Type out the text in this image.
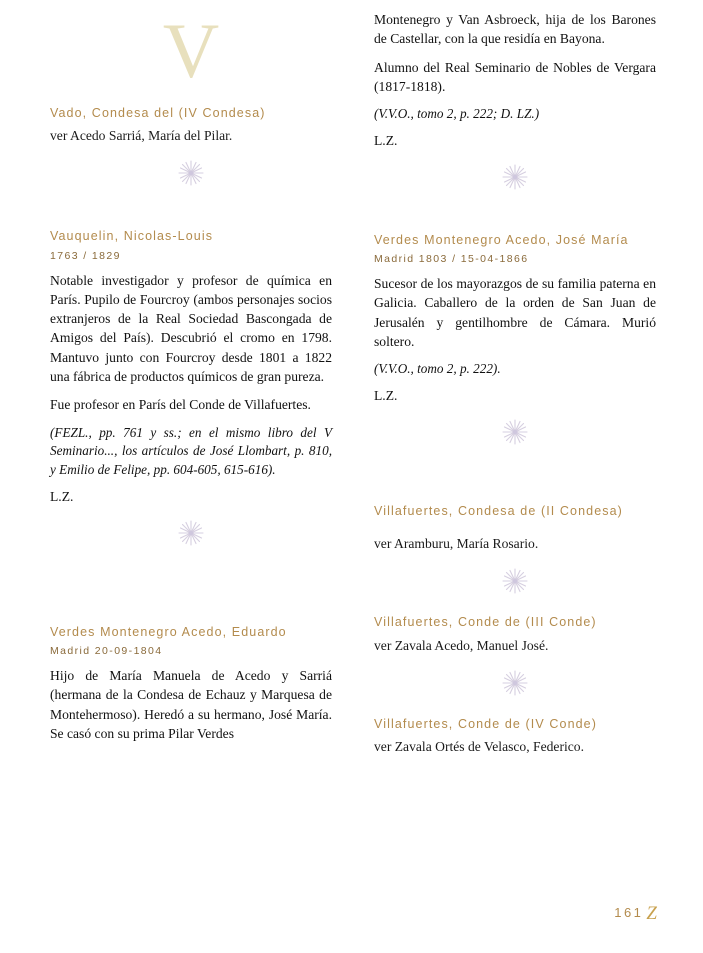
V
Vado, Condesa del (IV Condesa)

ver Acedo Sarriá, María del Pilar.

Vauquelin, Nicolas-Louis
1763 / 1829

Notable investigador y profesor de química en París. Pupilo de Fourcroy (ambos personajes socios extranjeros de la Real Sociedad Bascongada de Amigos del País). Descubrió el cromo en 1798. Mantuvo junto con Fourcroy desde 1801 a 1822 una fábrica de productos químicos de gran pureza.

Fue profesor en París del Conde de Villafuertes.

(FEZL., pp. 761 y ss.; en el mismo libro del V Seminario..., los artículos de José Llombart, p. 810, y Emilio de Felipe, pp. 604-605, 615-616).

L.Z.

Verdes Montenegro Acedo, Eduardo
Madrid 20-09-1804

Hijo de María Manuela de Acedo y Sarriá (hermana de la Condesa de Echauz y Marquesa de Montehermoso). Heredó a su hermano, José María. Se casó con su prima Pilar Verdes

Montenegro y Van Asbroeck, hija de los Barones de Castellar, con la que residía en Bayona.

Alumno del Real Seminario de Nobles de Vergara (1817-1818).

(V.V.O., tomo 2, p. 222; D. LZ.)

L.Z.

Verdes Montenegro Acedo, José María
Madrid 1803 / 15-04-1866

Sucesor de los mayorazgos de su familia paterna en Galicia. Caballero de la orden de San Juan de Jerusalén y gentilhombre de Cámara. Murió soltero.

(V.V.O., tomo 2, p. 222).

L.Z.

Villafuertes, Condesa de (II Condesa)

ver Aramburu, María Rosario.

Villafuertes, Conde de (III Conde)

ver Zavala Acedo, Manuel José.

Villafuertes, Conde de (IV Conde)

ver Zavala Ortés de Velasco, Federico.

161 Z
